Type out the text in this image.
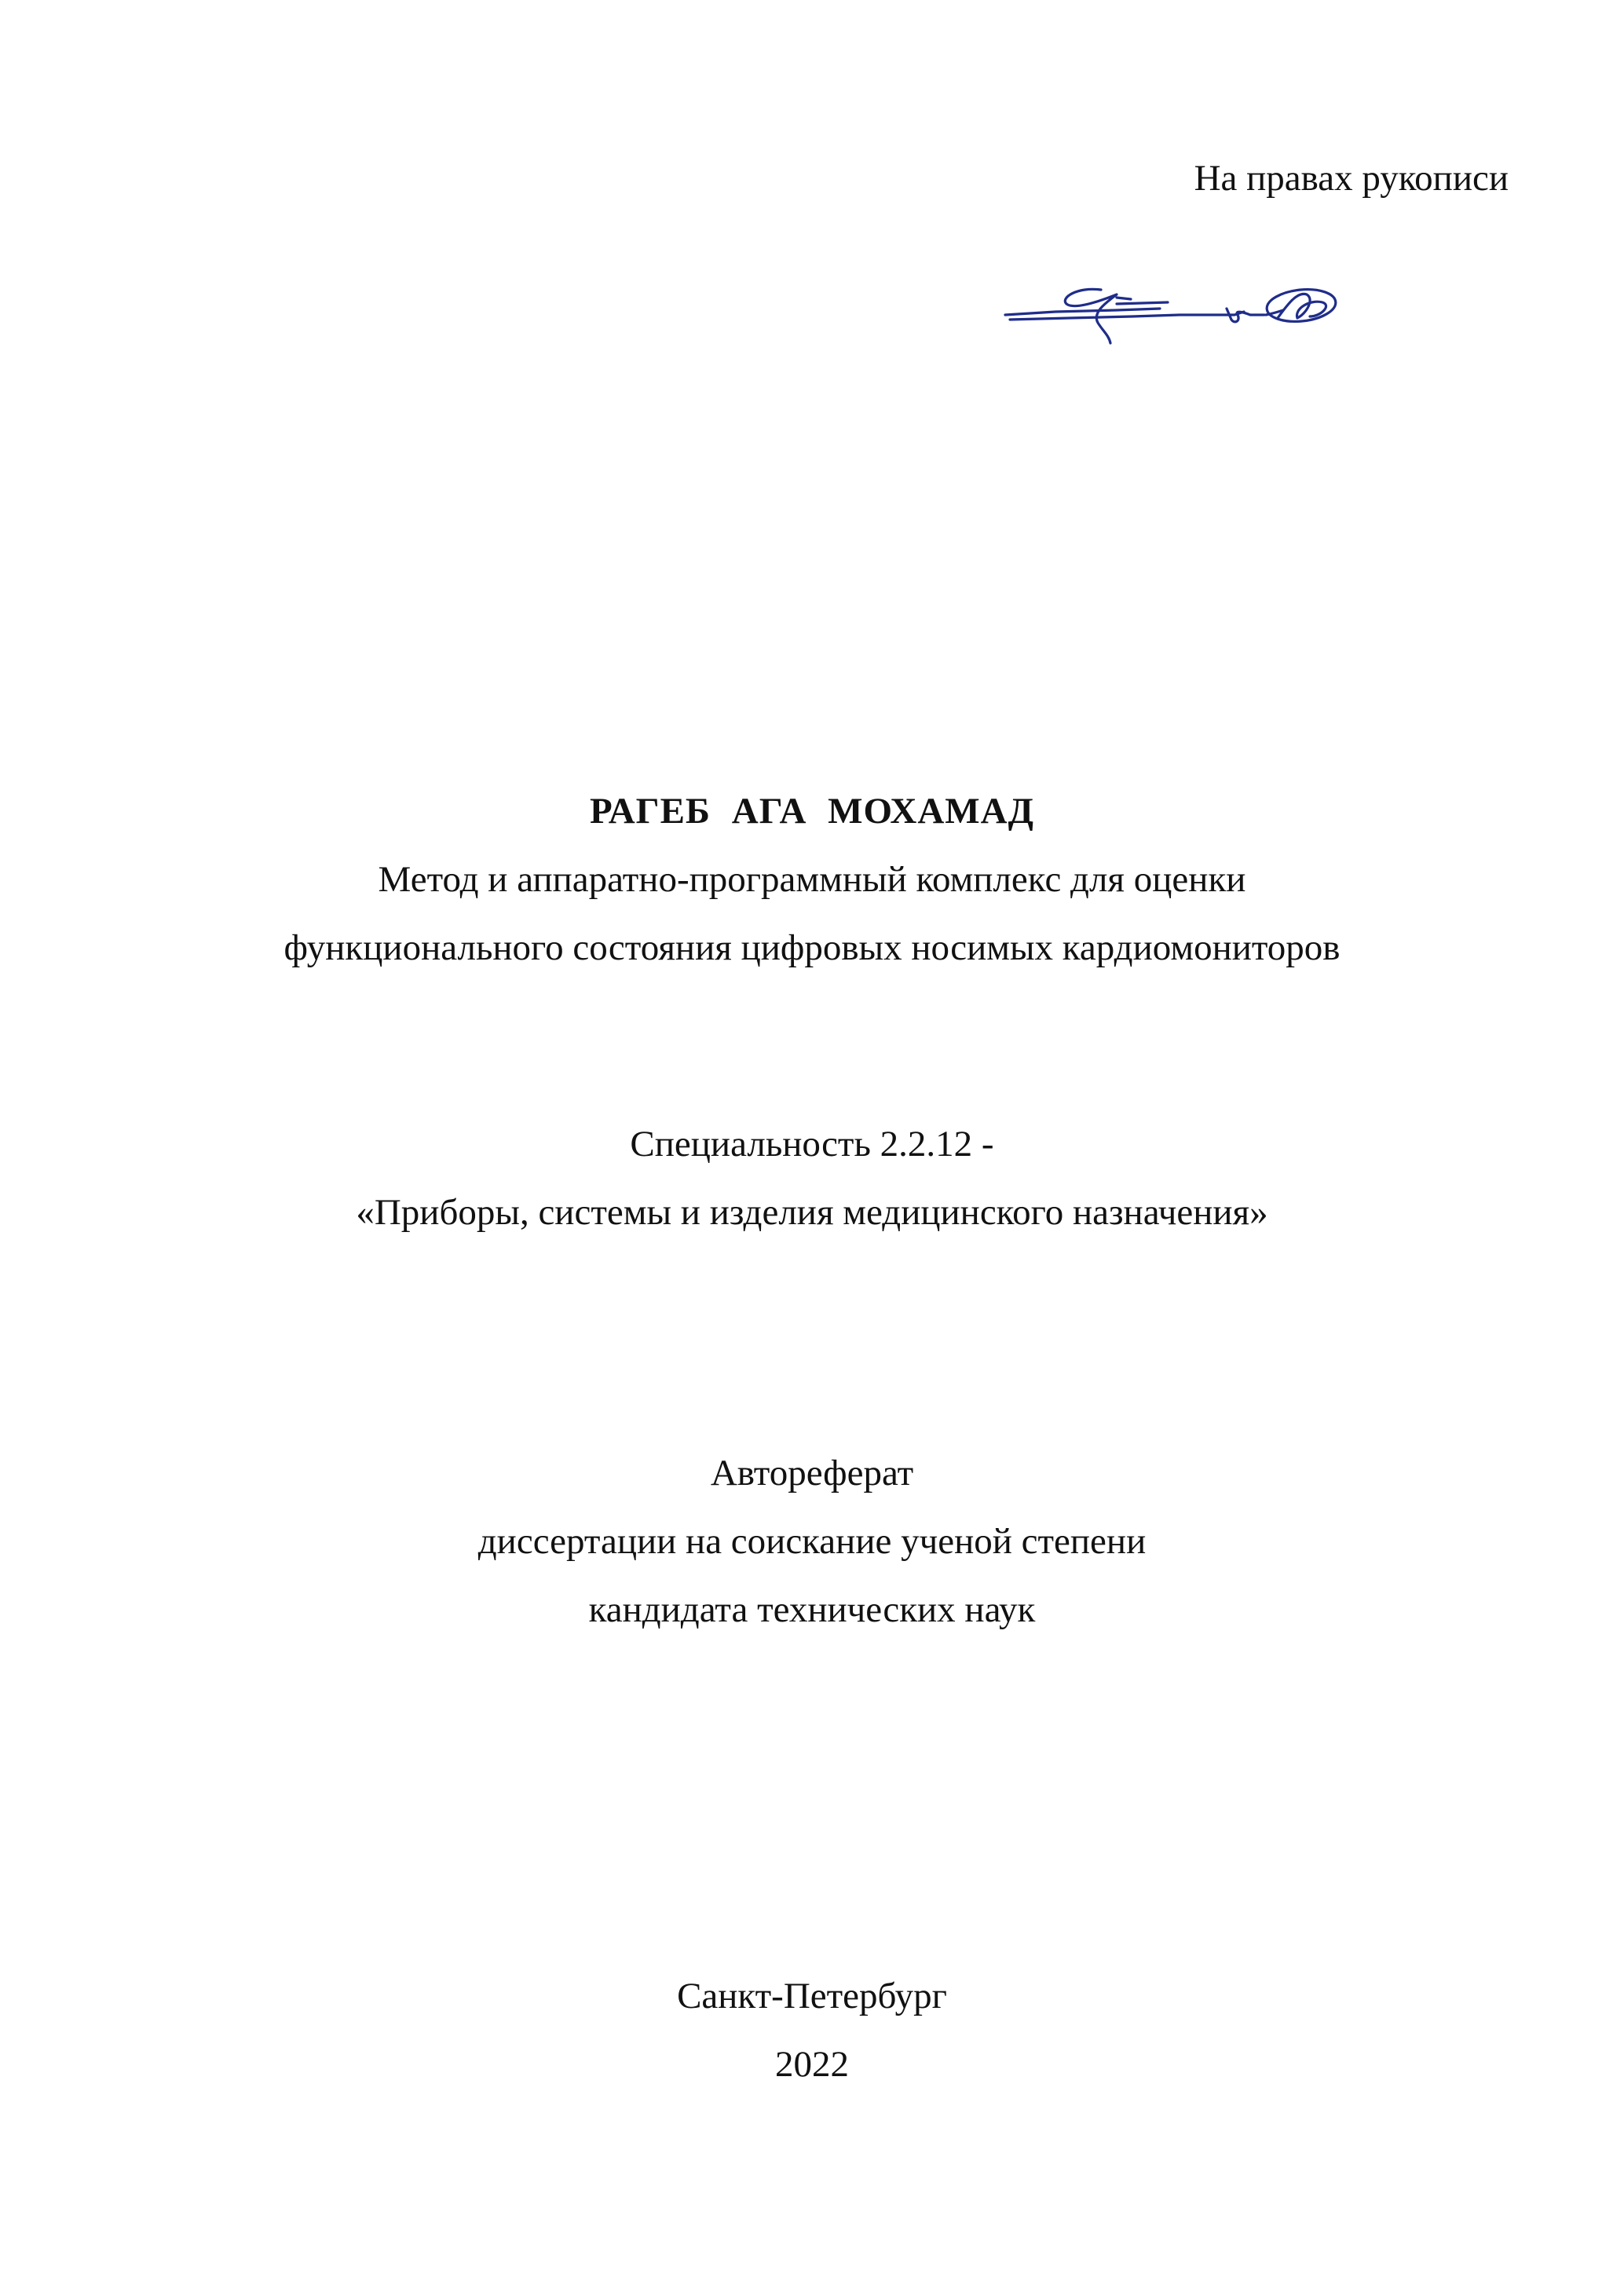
На правах рукописи
РАГЕБ АГА МОХАМАД
Метод и аппаратно-программный комплекс для оценки
функционального состояния цифровых носимых кардиомониторов
Специальность 2.2.12 -
«Приборы, системы и изделия медицинского назначения»
Автореферат
диссертации на соискание ученой степени
кандидата технических наук
Санкт-Петербург
2022
